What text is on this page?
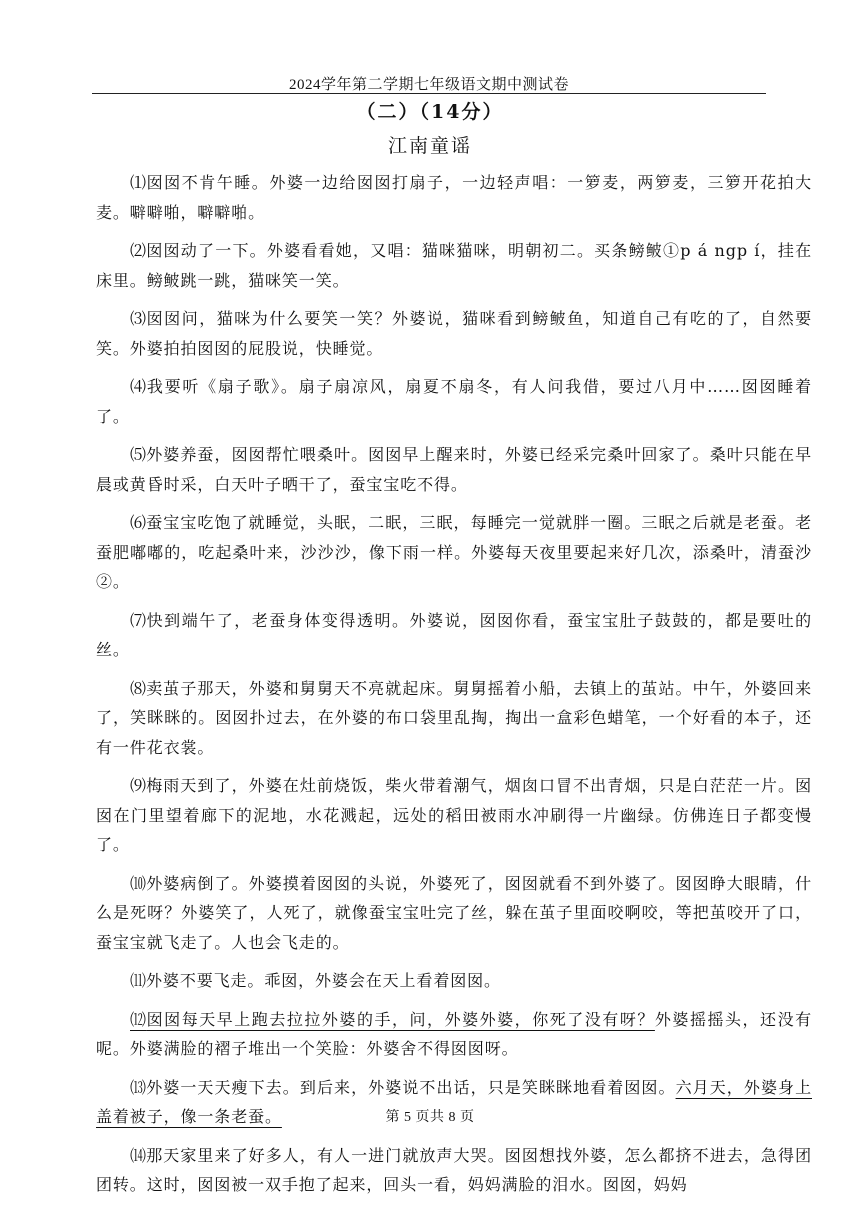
2024学年第二学期七年级语文期中测试卷
（二）（14分）
江南童谣

⑴囡囡不肯午睡。外婆一边给囡囡打扇子，一边轻声唱：一箩麦，两箩麦，三箩开花拍大麦。噼噼啪，噼噼啪。

⑵囡囡动了一下。外婆看看她，又唱：猫咪猫咪，明朝初二。买条鳑鲏①p á ngp í，挂在床里。鳑鲏跳一跳，猫咪笑一笑。

⑶囡囡问，猫咪为什么要笑一笑？外婆说，猫咪看到鳑鲏鱼，知道自己有吃的了，自然要笑。外婆拍拍囡囡的屁股说，快睡觉。

⑷我要听《扇子歌》。扇子扇凉风，扇夏不扇冬，有人问我借，要过八月中……囡囡睡着了。

⑸外婆养蚕，囡囡帮忙喂桑叶。囡囡早上醒来时，外婆已经采完桑叶回家了。桑叶只能在早晨或黄昏时采，白天叶子晒干了，蚕宝宝吃不得。

⑹蚕宝宝吃饱了就睡觉，头眠，二眠，三眠，每睡完一觉就胖一圈。三眠之后就是老蚕。老蚕肥嘟嘟的，吃起桑叶来，沙沙沙，像下雨一样。外婆每天夜里要起来好几次，添桑叶，清蚕沙②。

⑺快到端午了，老蚕身体变得透明。外婆说，囡囡你看，蚕宝宝肚子鼓鼓的，都是要吐的丝。

⑻卖茧子那天，外婆和舅舅天不亮就起床。舅舅摇着小船，去镇上的茧站。中午，外婆回来了，笑眯眯的。囡囡扑过去，在外婆的布口袋里乱掏，掏出一盒彩色蜡笔，一个好看的本子，还有一件花衣裳。

⑼梅雨天到了，外婆在灶前烧饭，柴火带着潮气，烟囱口冒不出青烟，只是白茫茫一片。囡囡在门里望着廊下的泥地，水花溅起，远处的稻田被雨水冲刷得一片幽绿。仿佛连日子都变慢了。

⑽外婆病倒了。外婆摸着囡囡的头说，外婆死了，囡囡就看不到外婆了。囡囡睁大眼睛，什么是死呀？外婆笑了，人死了，就像蚕宝宝吐完了丝，躲在茧子里面咬啊咬，等把茧咬开了口，蚕宝宝就飞走了。人也会飞走的。

⑾外婆不要飞走。乖囡，外婆会在天上看着囡囡。

⑿囡囡每天早上跑去拉拉外婆的手，问，外婆外婆，你死了没有呀？外婆摇摇头，还没有呢。外婆满脸的褶子堆出一个笑脸：外婆舍不得囡囡呀。

⒀外婆一天天瘦下去。到后来，外婆说不出话，只是笑眯眯地看着囡囡。六月天，外婆身上盖着被子，像一条老蚕。

⒁那天家里来了好多人，有人一进门就放声大哭。囡囡想找外婆，怎么都挤不进去，急得团团转。这时，囡囡被一双手抱了起来，回头一看，妈妈满脸的泪水。囡囡，妈妈

第 5 页共 8 页
